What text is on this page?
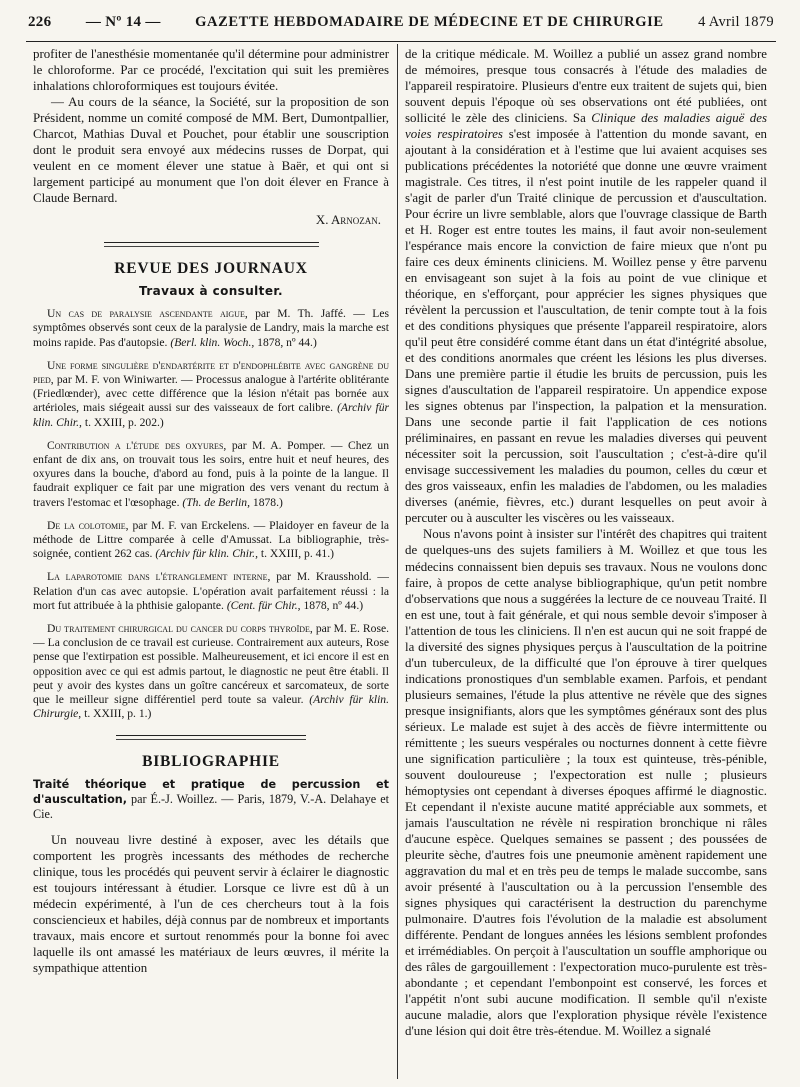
226 — Nº 14 — GAZETTE HEBDOMADAIRE DE MÉDECINE ET DE CHIRURGIE 4 Avril 1879

profiter de l'anesthésie momentanée qu'il détermine pour administrer le chloroforme. Par ce procédé, l'excitation qui suit les premières inhalations chloroformiques est toujours évitée.

— Au cours de la séance, la Société, sur la proposition de son Président, nomme un comité composé de MM. Bert, Dumontpallier, Charcot, Mathias Duval et Pouchet, pour établir une souscription dont le produit sera envoyé aux médecins russes de Dorpat, qui veulent en ce moment élever une statue à Baër, et qui ont si largement participé au monument que l'on doit élever en France à Claude Bernard.

X. Arnozan.

REVUE DES JOURNAUX
Travaux à consulter.

Un cas de paralysie ascendante aigue, par M. Th. Jaffé. — Les symptômes observés sont ceux de la paralysie de Landry, mais la marche est moins rapide. Pas d'autopsie. (Berl. klin. Woch., 1878, nº 44.)

Une forme singulière d'endartérite et d'endophlébite avec gangrène du pied, par M. F. von Winiwarter. — Processus analogue à l'artérite oblitérante (Friedlœnder), avec cette différence que la lésion n'était pas bornée aux artérioles, mais siégeait aussi sur des vaisseaux de fort calibre. (Archiv für klin. Chir., t. XXIII, p. 202.)

Contribution a l'étude des oxyures, par M. A. Pomper. — Chez un enfant de dix ans, on trouvait tous les soirs, entre huit et neuf heures, des oxyures dans la bouche, d'abord au fond, puis à la pointe de la langue. Il faudrait expliquer ce fait par une migration des vers venant du rectum à travers l'estomac et l'œsophage. (Th. de Berlin, 1878.)

De la colotomie, par M. F. van Erckelens. — Plaidoyer en faveur de la méthode de Littre comparée à celle d'Amussat. La bibliographie, très-soignée, contient 262 cas. (Archiv für klin. Chir., t. XXIII, p. 41.)

La laparotomie dans l'étranglement interne, par M. Krausshold. — Relation d'un cas avec autopsie. L'opération avait parfaitement réussi : la mort fut attribuée à la phthisie galopante. (Cent. für Chir., 1878, nº 44.)

Du traitement chirurgical du cancer du corps thyroïde, par M. E. Rose. — La conclusion de ce travail est curieuse. Contrairement aux auteurs, Rose pense que l'extirpation est possible. Malheureusement, et ici encore il est en opposition avec ce qui est admis partout, le diagnostic ne peut être établi. Il peut y avoir des kystes dans un goître cancéreux et sarcomateux, de sorte que le meilleur signe différentiel perd toute sa valeur. (Archiv für klin. Chirurgie, t. XXIII, p. 1.)

BIBLIOGRAPHIE

Traité théorique et pratique de percussion et d'auscultation, par É.-J. Woillez. — Paris, 1879, V.-A. Delahaye et Cie.

Un nouveau livre destiné à exposer, avec les détails que comportent les progrès incessants des méthodes de recherche clinique, tous les procédés qui peuvent servir à éclairer le diagnostic est toujours intéressant à étudier. Lorsque ce livre est dû à un médecin expérimenté, à l'un de ces chercheurs tout à la fois consciencieux et habiles, déjà connus par de nombreux et importants travaux, mais encore et surtout renommés pour la bonne foi avec laquelle ils ont amassé les matériaux de leurs œuvres, il mérite la sympathique attention

de la critique médicale. M. Woillez a publié un assez grand nombre de mémoires, presque tous consacrés à l'étude des maladies de l'appareil respiratoire. Plusieurs d'entre eux traitent de sujets qui, bien souvent depuis l'époque où ses observations ont été publiées, ont sollicité le zèle des cliniciens. Sa Clinique des maladies aiguë des voies respiratoires s'est imposée à l'attention du monde savant, en ajoutant à la considération et à l'estime que lui avaient acquises ses publications précédentes la notoriété que donne une œuvre vraiment magistrale. Ces titres, il n'est point inutile de les rappeler quand il s'agit de parler d'un Traité clinique de percussion et d'auscultation. Pour écrire un livre semblable, alors que l'ouvrage classique de Barth et H. Roger est entre toutes les mains, il faut avoir non-seulement l'espérance mais encore la conviction de faire mieux que n'ont pu faire ces deux éminents cliniciens. M. Woillez pense y être parvenu en envisageant son sujet à la fois au point de vue clinique et théorique, en s'efforçant, pour apprécier les signes physiques que révèlent la percussion et l'auscultation, de tenir compte tout à la fois et des conditions physiques que présente l'appareil respiratoire, alors qu'il peut être considéré comme étant dans un état d'intégrité absolue, et des conditions anormales que créent les lésions les plus diverses. Dans une première partie il étudie les bruits de percussion, puis les signes d'auscultation de l'appareil respiratoire. Un appendice expose les signes obtenus par l'inspection, la palpation et la mensuration. Dans une seconde partie il fait l'application de ces notions préliminaires, en passant en revue les maladies diverses qui peuvent nécessiter soit la percussion, soit l'auscultation ; c'est-à-dire qu'il envisage successivement les maladies du poumon, celles du cœur et des gros vaisseaux, enfin les maladies de l'abdomen, ou les maladies diverses (anémie, fièvres, etc.) durant lesquelles on peut avoir à percuter ou à ausculter les viscères ou les vaisseaux.

Nous n'avons point à insister sur l'intérêt des chapitres qui traitent de quelques-uns des sujets familiers à M. Woillez et que tous les médecins connaissent bien depuis ses travaux. Nous ne voulons donc faire, à propos de cette analyse bibliographique, qu'un petit nombre d'observations que nous a suggérées la lecture de ce nouveau Traité. Il en est une, tout à fait générale, et qui nous semble devoir s'imposer à l'attention de tous les cliniciens. Il n'en est aucun qui ne soit frappé de la diversité des signes physiques perçus à l'auscultation de la poitrine d'un tuberculeux, de la difficulté que l'on éprouve à tirer quelques indications pronostiques d'un semblable examen. Parfois, et pendant plusieurs semaines, l'étude la plus attentive ne révèle que des signes presque insignifiants, alors que les symptômes généraux sont des plus sérieux. Le malade est sujet à des accès de fièvre intermittente ou rémittente ; les sueurs vespérales ou nocturnes donnent à cette fièvre une signification particulière ; la toux est quinteuse, très-pénible, souvent douloureuse ; l'expectoration est nulle ; plusieurs hémoptysies ont cependant à diverses époques affirmé le diagnostic. Et cependant il n'existe aucune matité appréciable aux sommets, et jamais l'auscultation ne révèle ni respiration bronchique ni râles d'aucune espèce. Quelques semaines se passent ; des poussées de pleurite sèche, d'autres fois une pneumonie amènent rapidement une aggravation du mal et en très peu de temps le malade succombe, sans avoir présenté à l'auscultation ou à la percussion l'ensemble des signes physiques qui caractérisent la destruction du parenchyme pulmonaire. D'autres fois l'évolution de la maladie est absolument différente. Pendant de longues années les lésions semblent profondes et irrémédiables. On perçoit à l'auscultation un souffle amphorique ou des râles de gargouillement : l'expectoration muco-purulente est très-abondante ; et cependant l'embonpoint est conservé, les forces et l'appétit n'ont subi aucune modification. Il semble qu'il n'existe aucune maladie, alors que l'exploration physique révèle l'existence d'une lésion qui doit être très-étendue. M. Woillez a signalé
